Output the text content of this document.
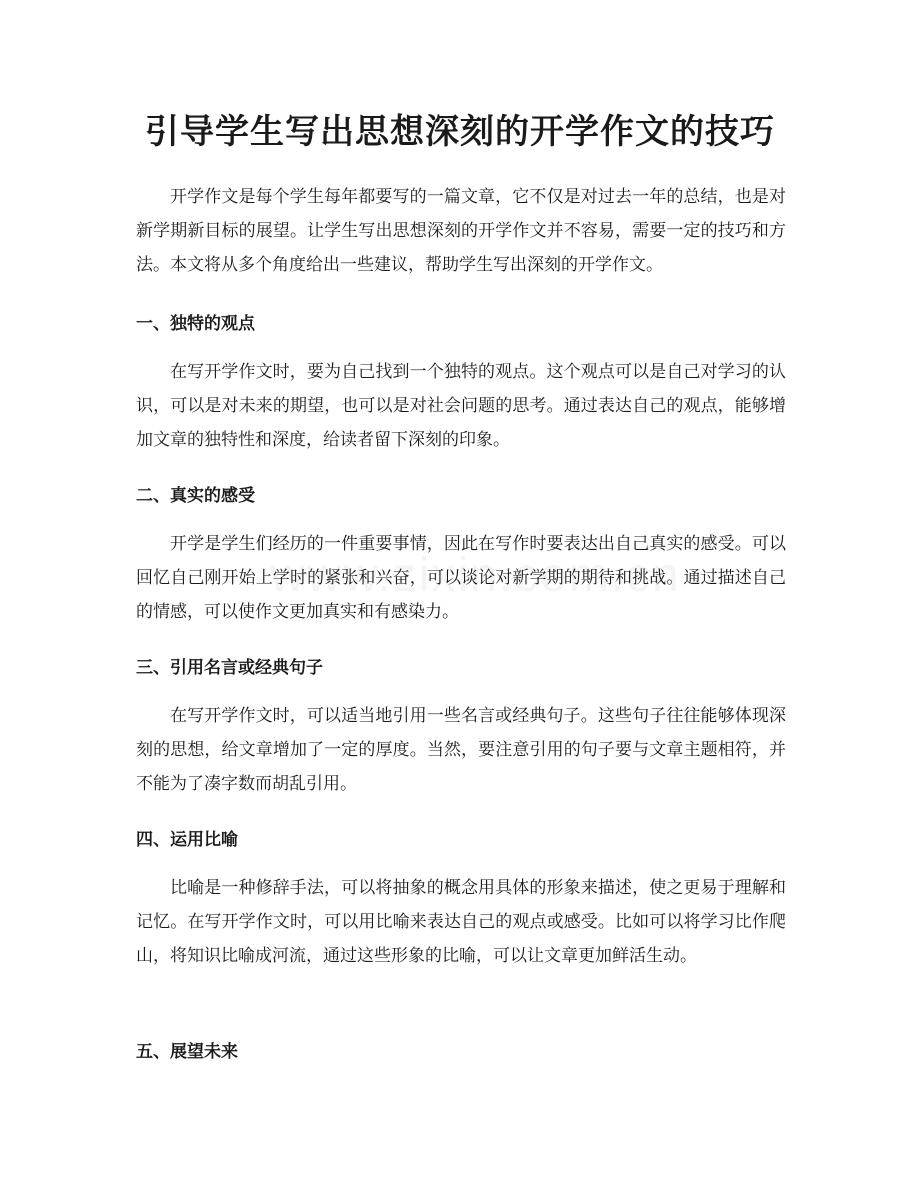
引导学生写出思想深刻的开学作文的技巧

开学作文是每个学生每年都要写的一篇文章，它不仅是对过去一年的总结，也是对新学期新目标的展望。让学生写出思想深刻的开学作文并不容易，需要一定的技巧和方法。本文将从多个角度给出一些建议，帮助学生写出深刻的开学作文。

一、独特的观点

在写开学作文时，要为自己找到一个独特的观点。这个观点可以是自己对学习的认识，可以是对未来的期望，也可以是对社会问题的思考。通过表达自己的观点，能够增加文章的独特性和深度，给读者留下深刻的印象。

二、真实的感受

开学是学生们经历的一件重要事情，因此在写作时要表达出自己真实的感受。可以回忆自己刚开始上学时的紧张和兴奋，可以谈论对新学期的期待和挑战。通过描述自己的情感，可以使作文更加真实和有感染力。

三、引用名言或经典句子

在写开学作文时，可以适当地引用一些名言或经典句子。这些句子往往能够体现深刻的思想，给文章增加了一定的厚度。当然，要注意引用的句子要与文章主题相符，并不能为了凑字数而胡乱引用。

四、运用比喻

比喻是一种修辞手法，可以将抽象的概念用具体的形象来描述，使之更易于理解和记忆。在写开学作文时，可以用比喻来表达自己的观点或感受。比如可以将学习比作爬山，将知识比喻成河流，通过这些形象的比喻，可以让文章更加鲜活生动。

五、展望未来
